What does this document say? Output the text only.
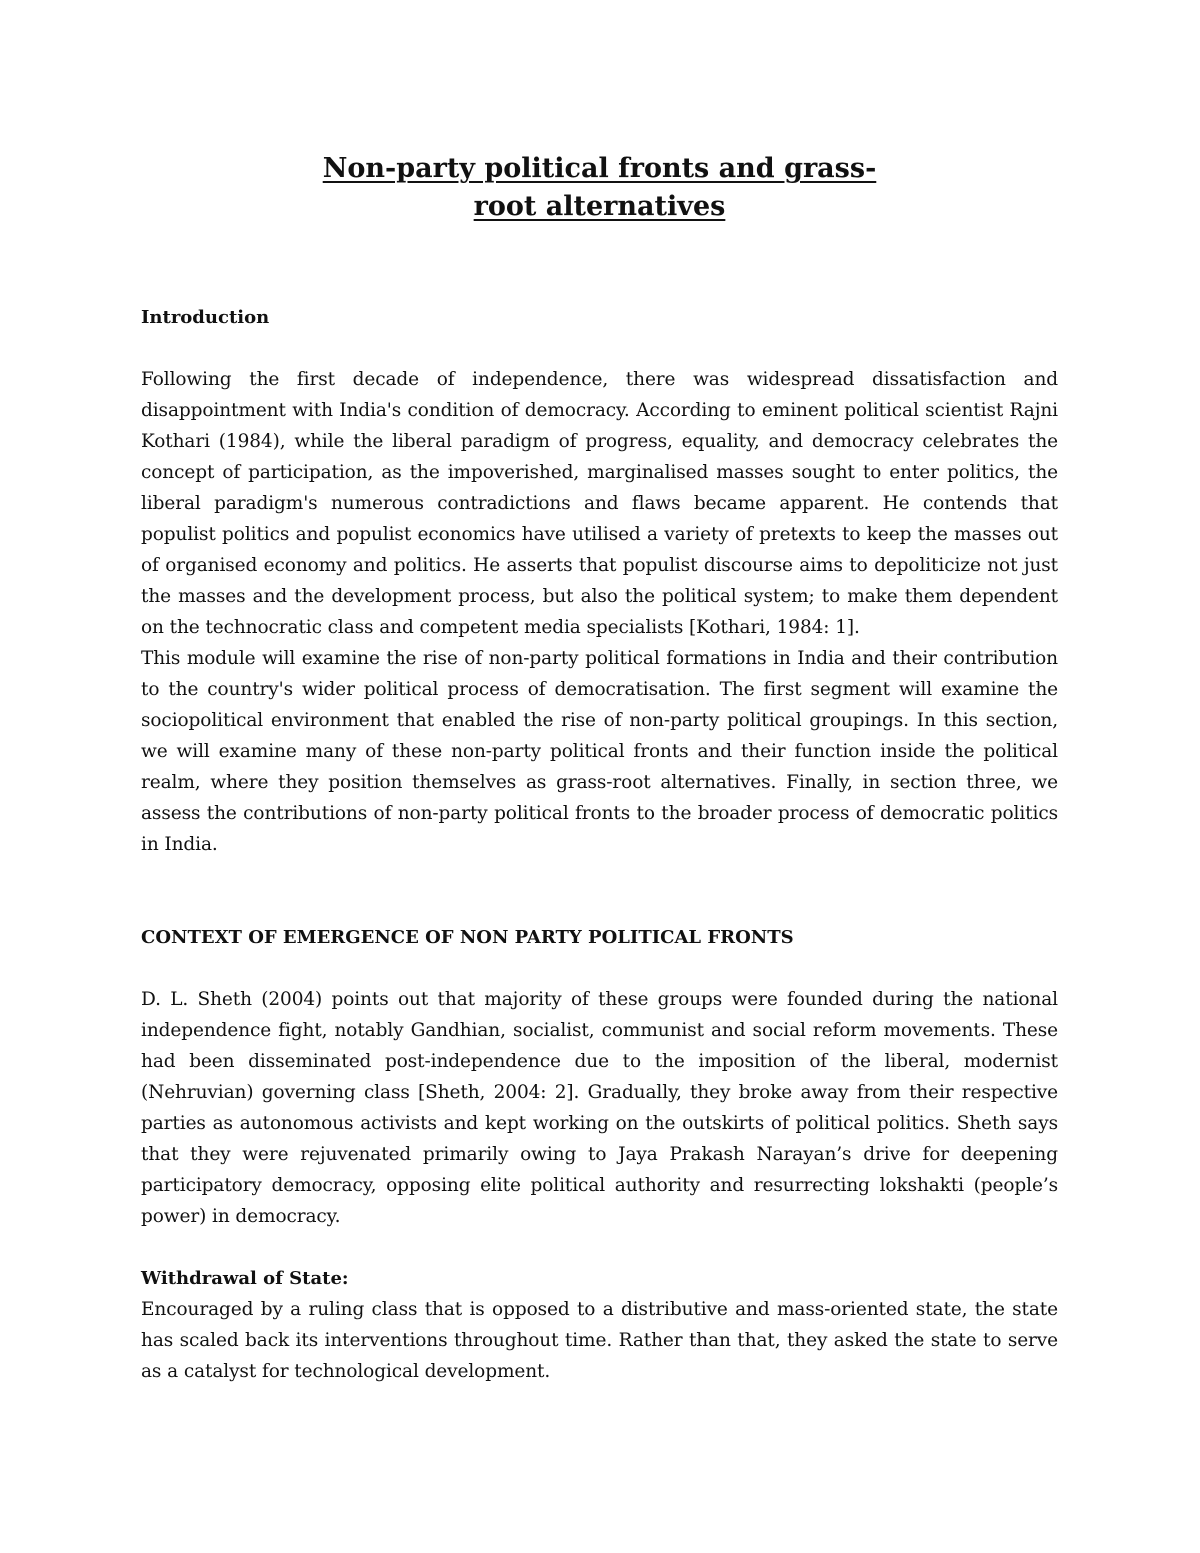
Non-party political fronts and grass-
root alternatives
Introduction

Following the first decade of independence, there was widespread dissatisfaction and disappointment with India's condition of democracy. According to eminent political scientist Rajni Kothari (1984), while the liberal paradigm of progress, equality, and democracy celebrates the concept of participation, as the impoverished, marginalised masses sought to enter politics, the liberal paradigm's numerous contradictions and flaws became apparent. He contends that populist politics and populist economics have utilised a variety of pretexts to keep the masses out of organised economy and politics. He asserts that populist discourse aims to depoliticize not just the masses and the development process, but also the political system; to make them dependent on the technocratic class and competent media specialists [Kothari, 1984: 1].

This module will examine the rise of non-party political formations in India and their contribution to the country's wider political process of democratisation. The first segment will examine the sociopolitical environment that enabled the rise of non-party political groupings. In this section, we will examine many of these non-party political fronts and their function inside the political realm, where they position themselves as grass-root alternatives. Finally, in section three, we assess the contributions of non-party political fronts to the broader process of democratic politics in India.

CONTEXT OF EMERGENCE OF NON PARTY POLITICAL FRONTS

D. L. Sheth (2004) points out that majority of these groups were founded during the national independence fight, notably Gandhian, socialist, communist and social reform movements. These had been disseminated post-independence due to the imposition of the liberal, modernist (Nehruvian) governing class [Sheth, 2004: 2]. Gradually, they broke away from their respective parties as autonomous activists and kept working on the outskirts of political politics. Sheth says that they were rejuvenated primarily owing to Jaya Prakash Narayan’s drive for deepening participatory democracy, opposing elite political authority and resurrecting lokshakti (people’s power) in democracy.

Withdrawal of State:

Encouraged by a ruling class that is opposed to a distributive and mass-oriented state, the state has scaled back its interventions throughout time. Rather than that, they asked the state to serve as a catalyst for technological development.
